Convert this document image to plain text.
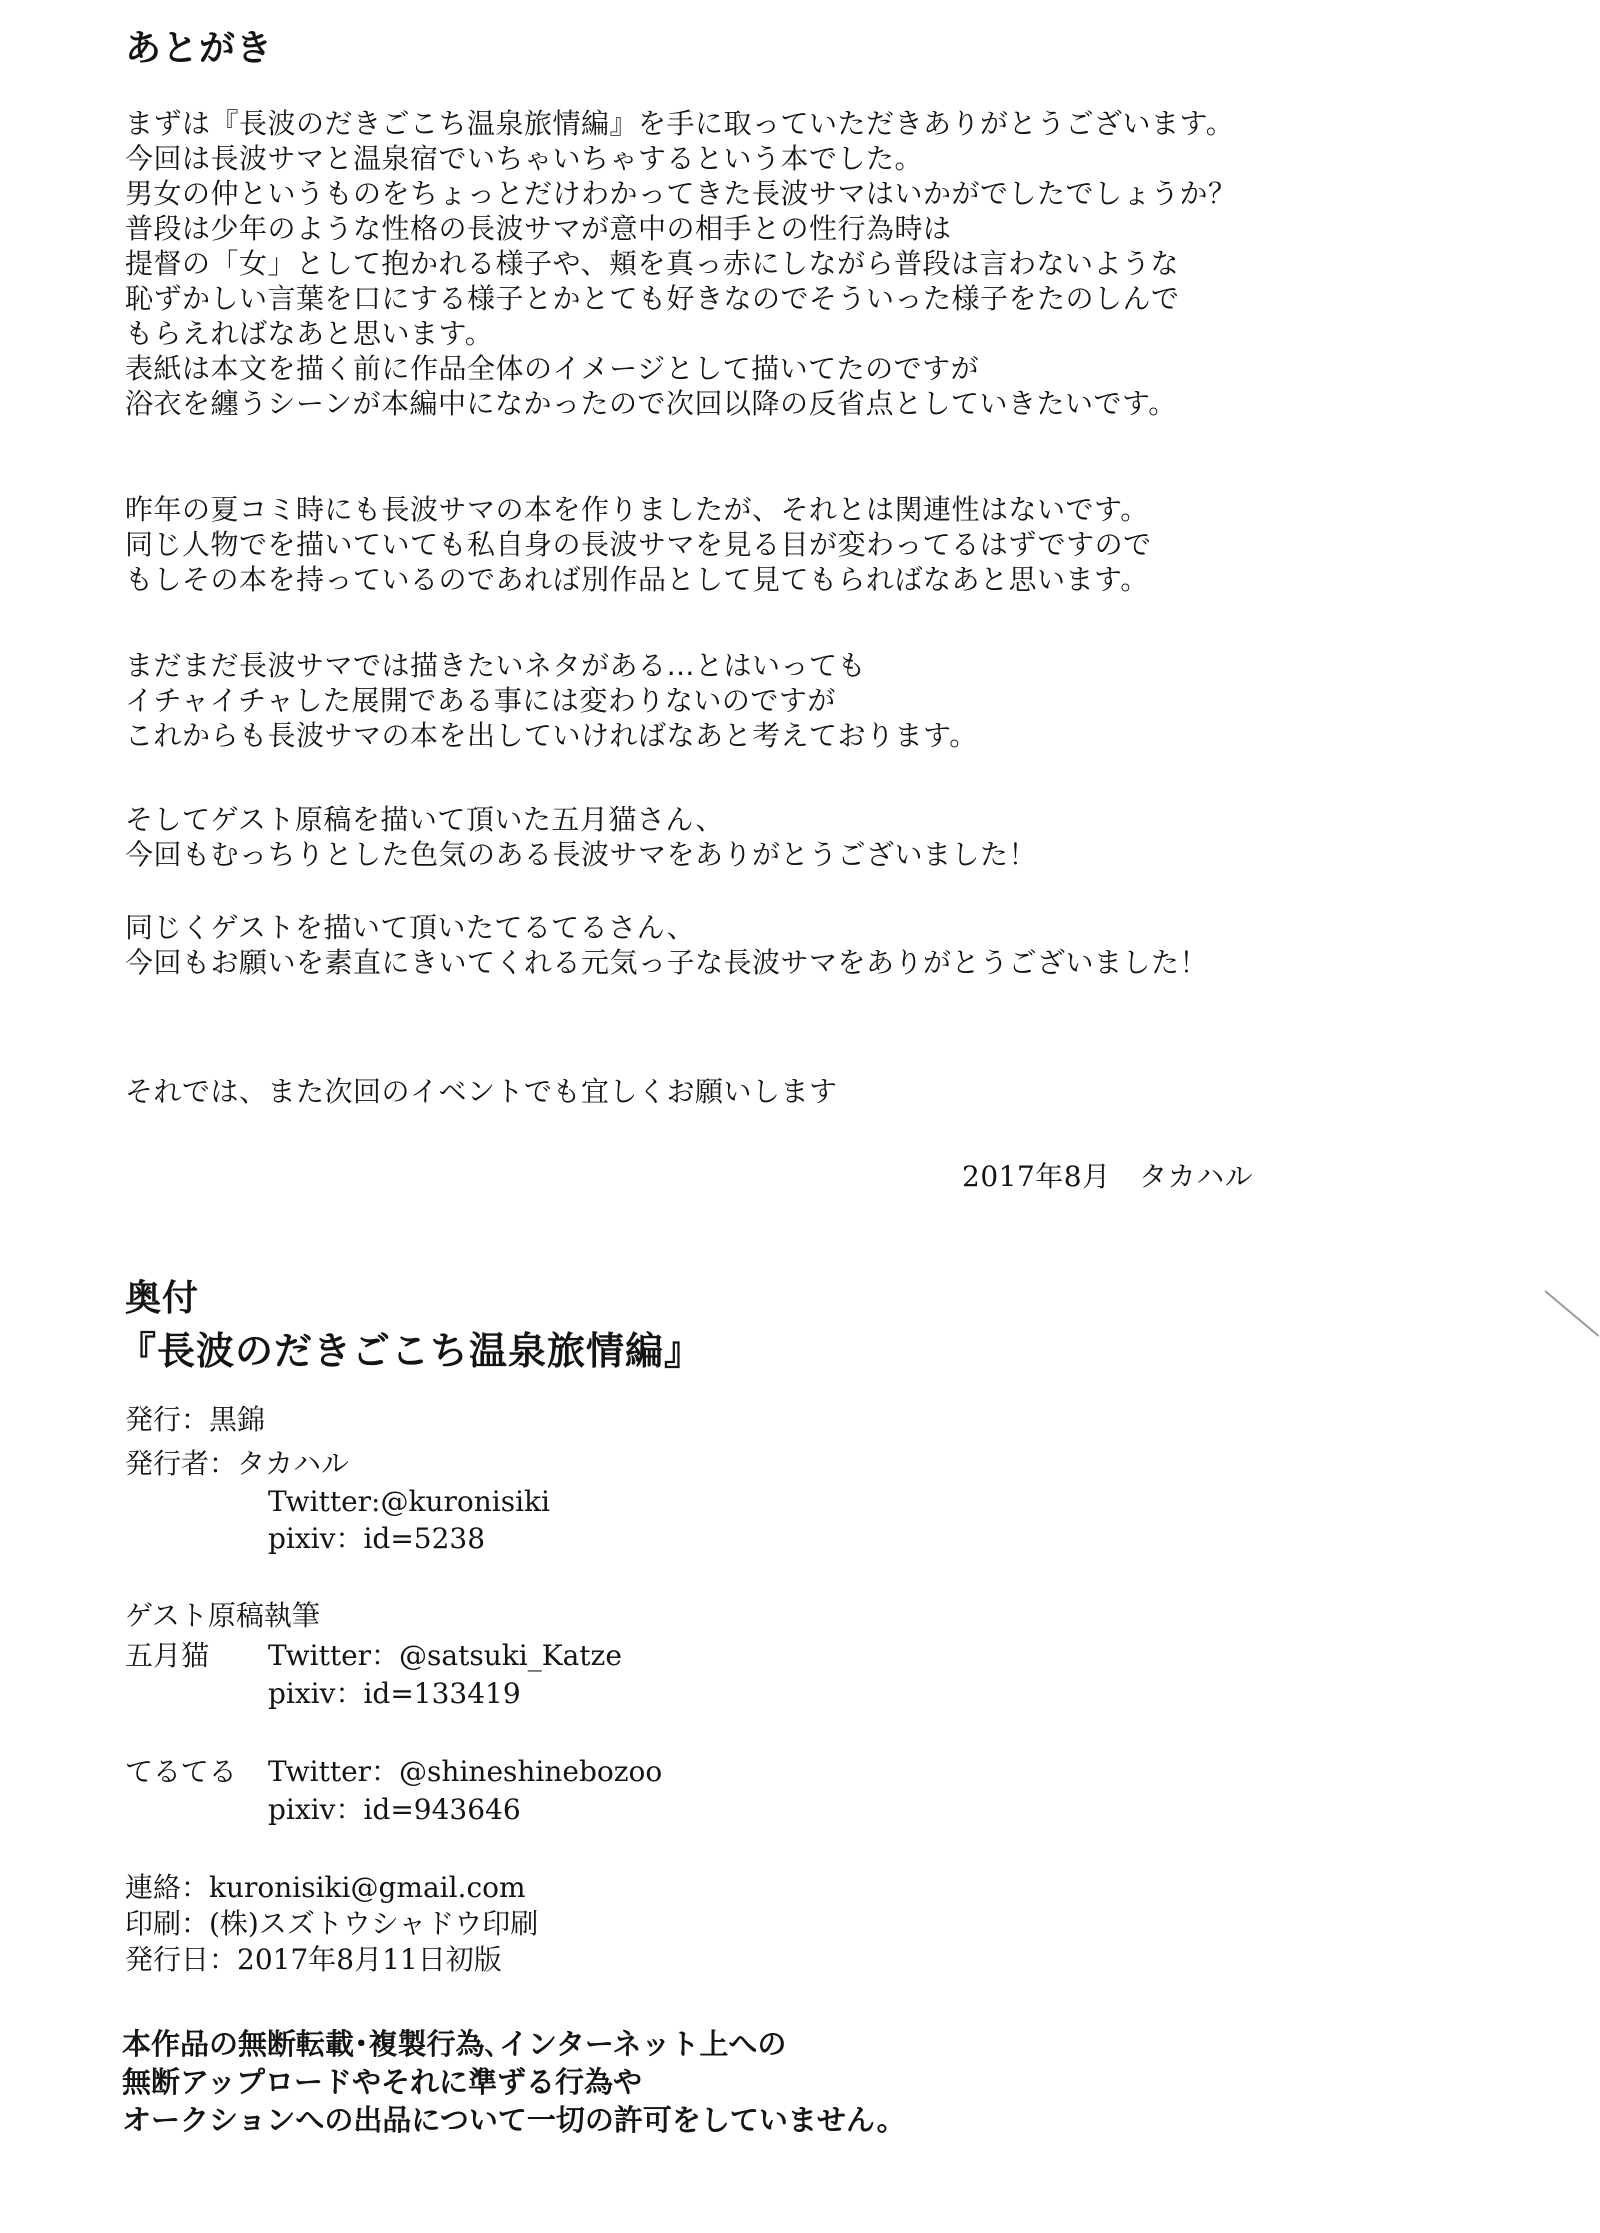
あとがき
まずは『長波のだきごこち温泉旅情編』を手に取っていただきありがとうございます。
今回は長波サマと温泉宿でいちゃいちゃするという本でした。
男女の仲というものをちょっとだけわかってきた長波サマはいかがでしたでしょうか？
普段は少年のような性格の長波サマが意中の相手との性行為時は
提督の「女」として抱かれる様子や、頬を真っ赤にしながら普段は言わないような
恥ずかしい言葉を口にする様子とかとても好きなのでそういった様子をたのしんで
もらえればなあと思います。
表紙は本文を描く前に作品全体のイメージとして描いてたのですが
浴衣を纏うシーンが本編中になかったので次回以降の反省点としていきたいです。
昨年の夏コミ時にも長波サマの本を作りましたが、それとは関連性はないです。
同じ人物でを描いていても私自身の長波サマを見る目が変わってるはずですので
もしその本を持っているのであれば別作品として見てもらればなあと思います。
まだまだ長波サマでは描きたいネタがある…とはいっても
イチャイチャした展開である事には変わりないのですが
これからも長波サマの本を出していければなあと考えております。
そしてゲスト原稿を描いて頂いた五月猫さん、
今回もむっちりとした色気のある長波サマをありがとうございました！
同じくゲストを描いて頂いたてるてるさん、
今回もお願いを素直にきいてくれる元気っ子な長波サマをありがとうございました！
それでは、また次回のイベントでも宜しくお願いします
2017年8月　タカハル
奥付
『長波のだきごこち温泉旅情編』
発行：黒錦
発行者：タカハル
Twitter:@kuronisiki
pixiv：id=5238
ゲスト原稿執筆
五月猫 Twitter：@satsuki_Katze
pixiv：id=133419
てるてる Twitter：@shineshinebozoo
pixiv：id=943646
連絡：kuronisiki@gmail.com
印刷：(株)スズトウシャドウ印刷
発行日：2017年8月11日初版
本作品の無断転載･複製行為､インターネット上への
無断アップロードやそれに準ずる行為や
オークションへの出品について一切の許可をしていません。
